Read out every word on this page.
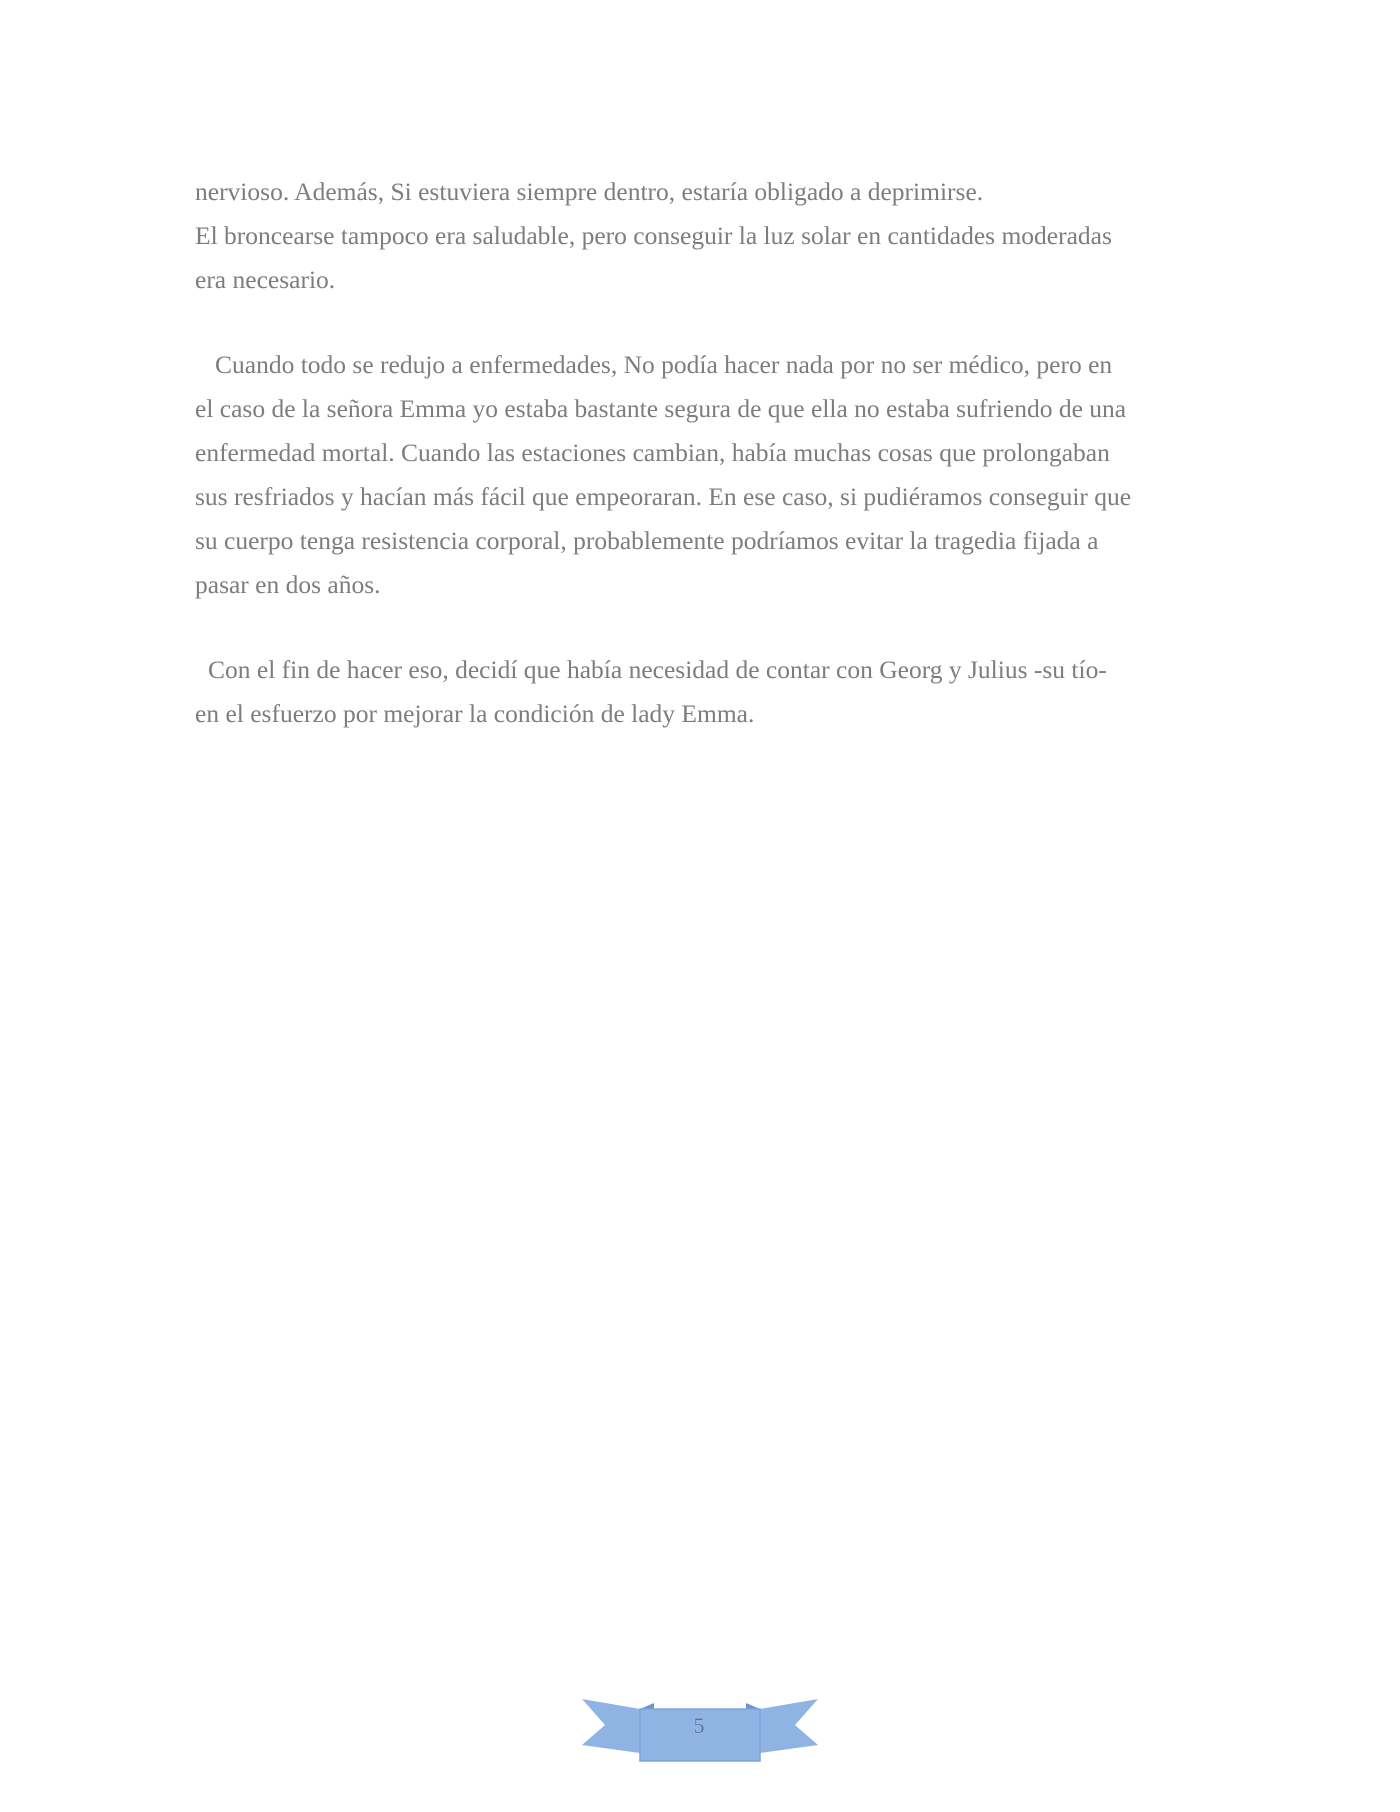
nervioso. Además, Si estuviera siempre dentro, estaría obligado a deprimirse.
El broncearse tampoco era saludable, pero conseguir la luz solar en cantidades moderadas
era necesario.
Cuando todo se redujo a enfermedades, No podía hacer nada por no ser médico, pero en
el caso de la señora Emma yo estaba bastante segura de que ella no estaba sufriendo de una
enfermedad mortal. Cuando las estaciones cambian, había muchas cosas que prolongaban
sus resfriados y hacían más fácil que empeoraran. En ese caso, si pudiéramos conseguir que
su cuerpo tenga resistencia corporal, probablemente podríamos evitar la tragedia fijada a
pasar en dos años.
Con el fin de hacer eso, decidí que había necesidad de contar con Georg y Julius -su tío-
en el esfuerzo por mejorar la condición de lady Emma.
5
